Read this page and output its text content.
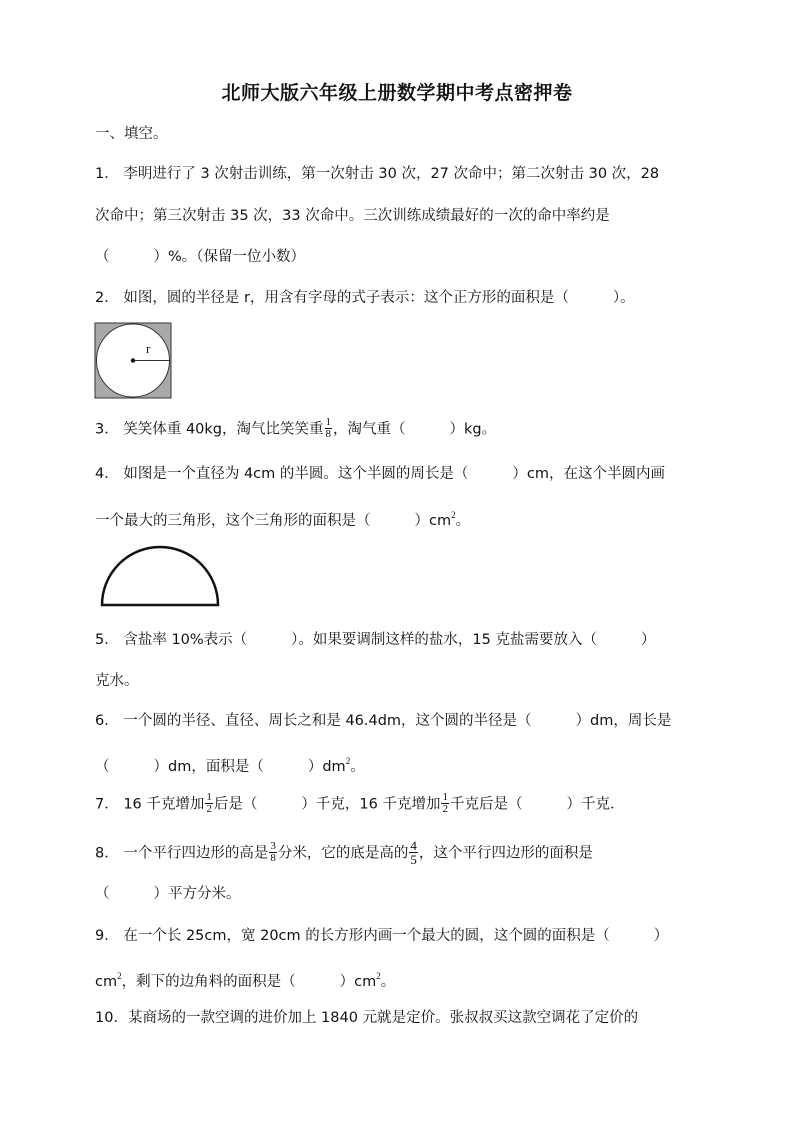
北师大版六年级上册数学期中考点密押卷
一、填空。
1． 李明进行了 3 次射击训练，第一次射击 30 次，27 次命中；第二次射击 30 次，28
次命中；第三次射击 35 次，33 次命中。三次训练成绩最好的一次的命中率约是
（	）%。（保留一位小数）
2． 如图，圆的半径是 r，用含有字母的式子表示：这个正方形的面积是（	）。
r
3． 笑笑体重 40kg，淘气比笑笑重 $\frac{1}{8}$ ，淘气重（	）kg。
4． 如图是一个直径为 4cm 的半圆。这个半圆的周长是（	）cm，在这个半圆内画
一个最大的三角形，这个三角形的面积是（	）$cm^2$。
5． 含盐率 10%表示（	）。如果要调制这样的盐水，15 克盐需要放入（	）
克水。
6． 一个圆的半径、直径、周长之和是 46.4dm，这个圆的半径是（	）dm，周长是
（	）dm，面积是（	）$dm^2$。
7． 16 千克增加 $\frac{1}{2}$ 后是（	）千克，16 千克增加 $\frac{1}{2}$ 千克后是（	）千克．
8． 一个平行四边形的高是 $\frac{3}{8}$ 分米，它的底是高的 $\frac{4}{5}$ ，这个平行四边形的面积是
（	）平方分米。
9． 在一个长 25cm，宽 20cm 的长方形内画一个最大的圆，这个圆的面积是（	）
$cm^2$，剩下的边角料的面积是（	）$cm^2$。
10．某商场的一款空调的进价加上 1840 元就是定价。张叔叔买这款空调花了定价的
